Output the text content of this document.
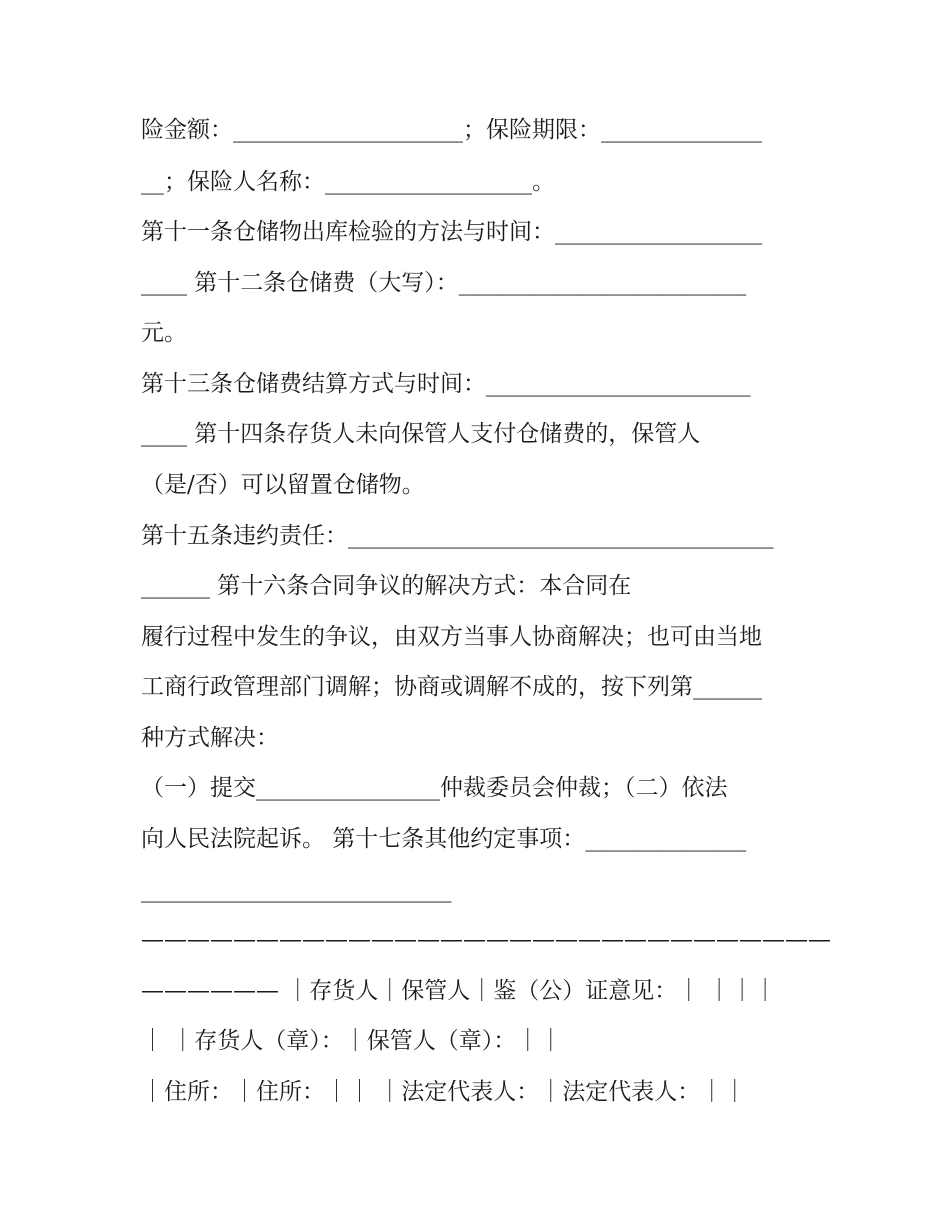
险金额：____________________；保险期限：______________
__；保险人名称：__________________。
第十一条仓储物出库检验的方法与时间：__________________
____ 第十二条仓储费（大写）：_________________________
元。
第十三条仓储费结算方式与时间：_______________________
____ 第十四条存货人未向保管人支付仓储费的，保管人
（是/否）可以留置仓储物。
第十五条违约责任：_____________________________________
______ 第十六条合同争议的解决方式：本合同在
履行过程中发生的争议，由双方当事人协商解决；也可由当地
工商行政管理部门调解；协商或调解不成的，按下列第______
种方式解决：
（一）提交________________仲裁委员会仲裁；（二）依法
向人民法院起诉。 第十七条其他约定事项：______________
___________________________
——————————————————————————————
—————— ｜存货人｜保管人｜鉴（公）证意见：｜ ｜｜｜
｜ ｜存货人（章）：｜保管人（章）：｜｜
｜住所：｜住所：｜｜ ｜法定代表人：｜法定代表人：｜｜
